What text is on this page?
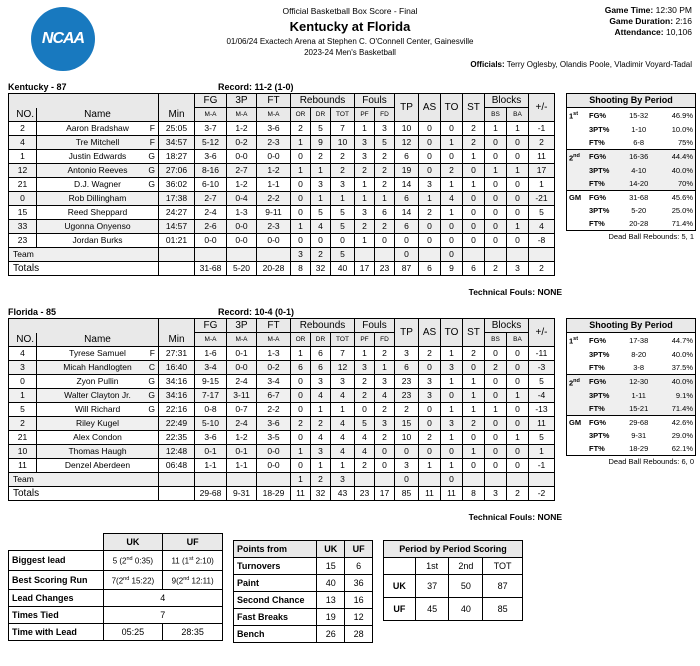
NCAA
Official Basketball Box Score - Final
Kentucky at Florida
01/06/24 Exactech Arena at Stephen C. O'Connell Center, Gainesville
2023-24 Men's Basketball
Game Time: 12:30 PM
Game Duration: 2:16
Attendance: 10,106
Officials: Terry Oglesby, Olandis Poole, Vladimir Voyard-Tadal
Kentucky - 87	Record: 11-2 (1-0)
			FG	3P	FT	Rebounds			Fouls		TP	AS	TO	ST	Blocks		+/-
NO.	Name	Min	M-A	M-A	M-A	OR	DR	TOT	PF	FD					BS	BA	
2	Aaron Bradshaw F	25:05	3-7	1-2	3-6	2	5	7	1	3	10	0	0	2	1	1	-1
4	Tre Mitchell F	34:57	5-12	0-2	2-3	1	9	10	3	5	12	0	1	2	0	0	2
1	Justin Edwards G	18:27	3-6	0-0	0-0	0	2	2	3	2	6	0	0	1	0	0	11
12	Antonio Reeves G	27:06	8-16	2-7	1-2	1	1	2	2	2	19	0	2	0	1	1	17
21	D.J. Wagner G	36:02	6-10	1-2	1-1	0	3	3	1	2	14	3	1	1	0	0	1
0	Rob Dillingham	17:38	2-7	0-4	2-2	0	1	1	1	1	6	1	4	0	0	0	-21
15	Reed Sheppard	24:27	2-4	1-3	9-11	0	5	5	3	6	14	2	1	0	0	0	5
33	Ugonna Onyenso	14:57	2-6	0-0	2-3	1	4	5	2	2	6	0	0	0	0	1	4
23	Jordan Burks	01:21	0-0	0-0	0-0	0	0	0	1	0	0	0	0	0	0	0	-8
Team						3	2	5			0		0				
Totals			31-68	5-20	20-28	8	32	40	17	23	87	6	9	6	2	3	2
Technical Fouls: NONE
Shooting By Period
1st	FG%	15-32	46.9%
	3PT%	1-10	10.0%
	FT%	6-8	75%
2nd	FG%	16-36	44.4%
	3PT%	4-10	40.0%
	FT%	14-20	70%
GM	FG%	31-68	45.6%
	3PT%	5-20	25.0%
	FT%	20-28	71.4%
Dead Ball Rebounds: 5, 1
Florida - 85	Record: 10-4 (0-1)
			FG	3P	FT	Rebounds			Fouls		TP	AS	TO	ST	Blocks		+/-
NO.	Name	Min	M-A	M-A	M-A	OR	DR	TOT	PF	FD					BS	BA	
4	Tyrese Samuel F	27:31	1-6	0-1	1-3	1	6	7	1	2	3	2	1	2	0	0	-11
3	Micah Handlogten C	16:40	3-4	0-0	0-2	6	6	12	3	1	6	0	3	0	2	0	-3
0	Zyon Pullin G	34:16	9-15	2-4	3-4	0	3	3	2	3	23	3	1	1	0	0	5
1	Walter Clayton Jr. G	34:16	7-17	3-11	6-7	0	4	4	2	4	23	3	0	1	0	1	-4
5	Will Richard G	22:16	0-8	0-7	2-2	0	1	1	0	2	2	0	1	1	1	0	-13
2	Riley Kugel	22:49	5-10	2-4	3-6	2	2	4	5	3	15	0	3	2	0	0	11
21	Alex Condon	22:35	3-6	1-2	3-5	0	4	4	4	2	10	2	1	0	0	1	5
10	Thomas Haugh	12:48	0-1	0-1	0-0	1	3	4	4	0	0	0	0	1	0	0	1
11	Denzel Aberdeen	06:48	1-1	1-1	0-0	0	1	1	2	0	3	1	1	0	0	0	-1
Team						1	2	3			0		0				
Totals			29-68	9-31	18-29	11	32	43	23	17	85	11	11	8	3	2	-2
Technical Fouls: NONE
Shooting By Period
1st	FG%	17-38	44.7%
	3PT%	8-20	40.0%
	FT%	3-8	37.5%
2nd	FG%	12-30	40.0%
	3PT%	1-11	9.1%
	FT%	15-21	71.4%
GM	FG%	29-68	42.6%
	3PT%	9-31	29.0%
	FT%	18-29	62.1%
Dead Ball Rebounds: 6, 0
	UK	UF
Biggest lead	5 (2nd 0:35)	11 (1st 2:10)
Best Scoring Run	7(2nd 15:22)	9(2nd 12:11)
Lead Changes	4	
Times Tied	7	
Time with Lead	05:25	28:35
Points from	UK	UF
Turnovers	15	6
Paint	40	36
Second Chance	13	16
Fast Breaks	19	12
Bench	26	28
Period by Period Scoring			
	1st	2nd	TOT
UK	37	50	87
UF	45	40	85
